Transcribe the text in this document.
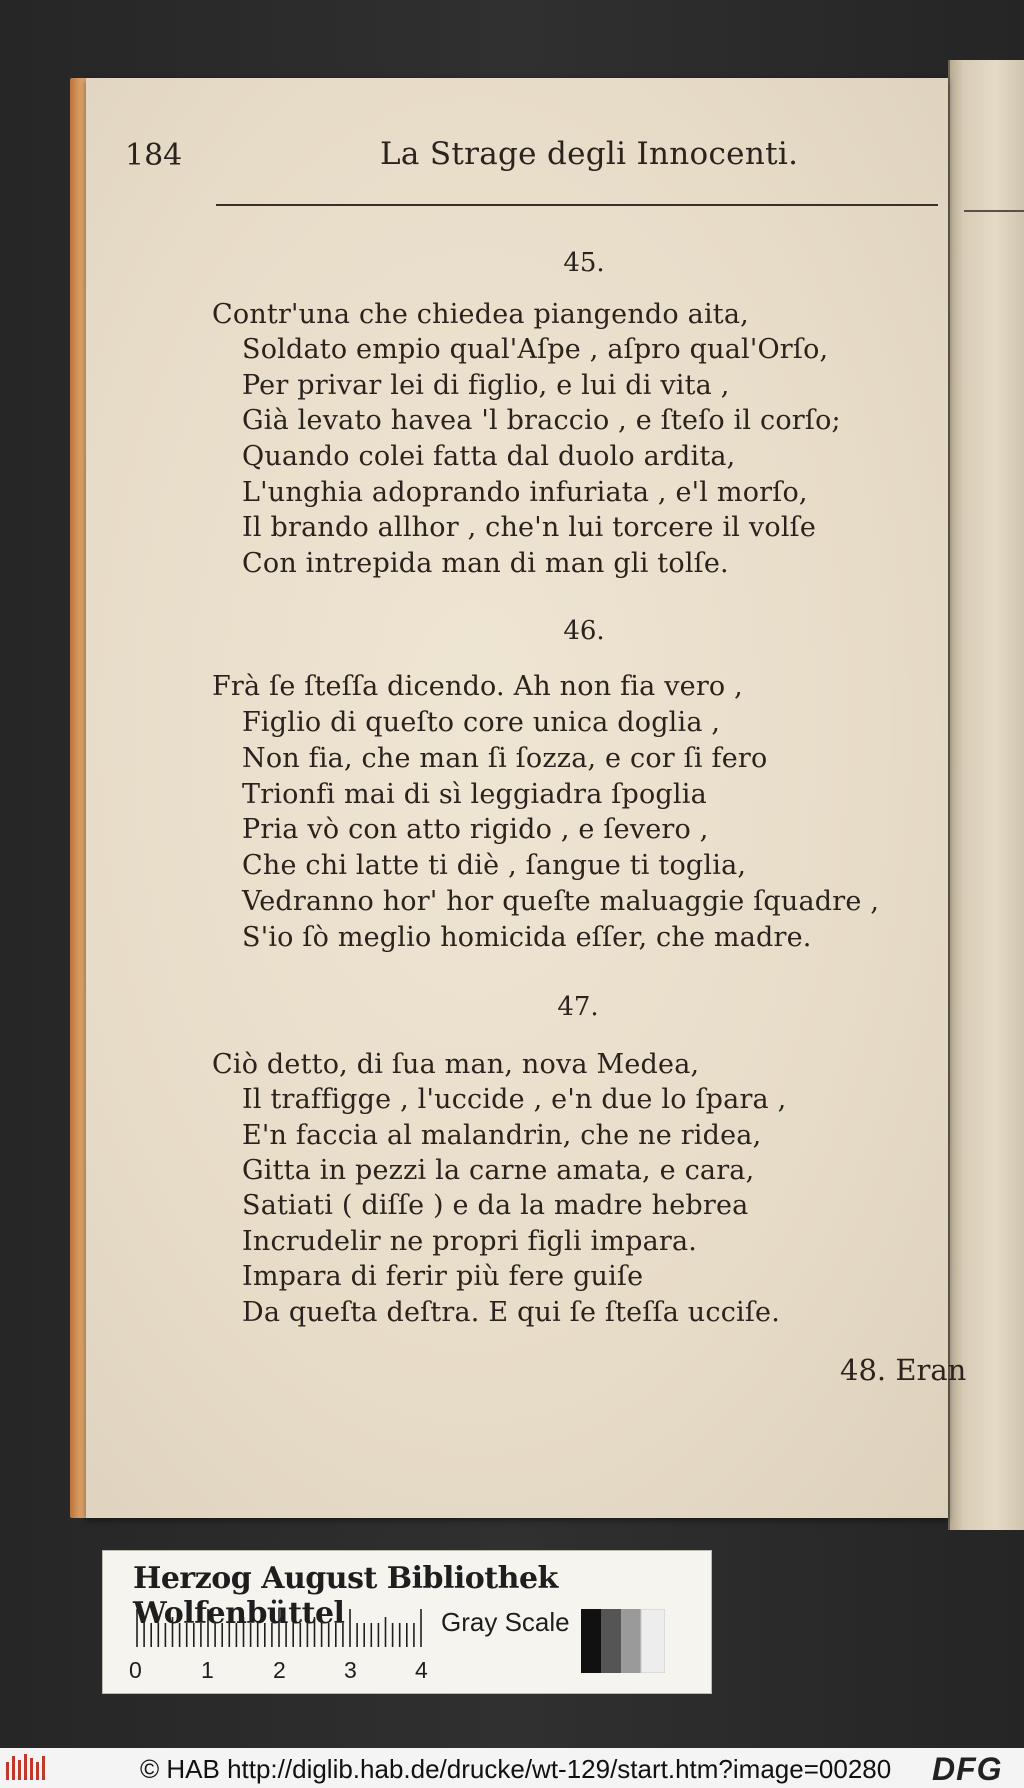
184	La Strage degli Innocenti.
45.
Contr'una che chiedea piangendo aita,
Soldato empio qual'Aſpe , aſpro qual'Orſo,
Per privar lei di figlio, e lui di vita ,
Già levato havea 'l braccio , e ſteſo il corſo;
Quando colei fatta dal duolo ardita,
L'unghia adoprando infuriata , e'l morſo,
Il brando allhor , che'n lui torcere il volſe
Con intrepida man di man gli tolſe.
46.
Frà ſe ſteſſa dicendo. Ah non fia vero ,
Figlio di queſto core unica doglia ,
Non fia, che man ſi ſozza, e cor ſi fero
Trionfi mai di sì leggiadra ſpoglia
Pria vò con atto rigido , e ſevero ,
Che chi latte ti diè , ſangue ti toglia,
Vedranno hor' hor queſte maluaggie ſquadre ,
S'io ſò meglio homicida eſſer, che madre.
47.
Ciò detto, di ſua man, nova Medea,
Il traffigge , l'uccide , e'n due lo ſpara ,
E'n faccia al malandrin, che ne ridea,
Gitta in pezzi la carne amata, e cara,
Satiati ( diſſe ) e da la madre hebrea
Incrudelir ne propri figli impara.
Impara di ferir più fere guiſe
Da queſta deſtra. E qui ſe ſteſſa ucciſe.
48. Eran
Herzog August Bibliothek Wolfenbüttel
0	1	2	3	4
Gray Scale
© HAB http://diglib.hab.de/drucke/wt-129/start.htm?image=00280 DFG
